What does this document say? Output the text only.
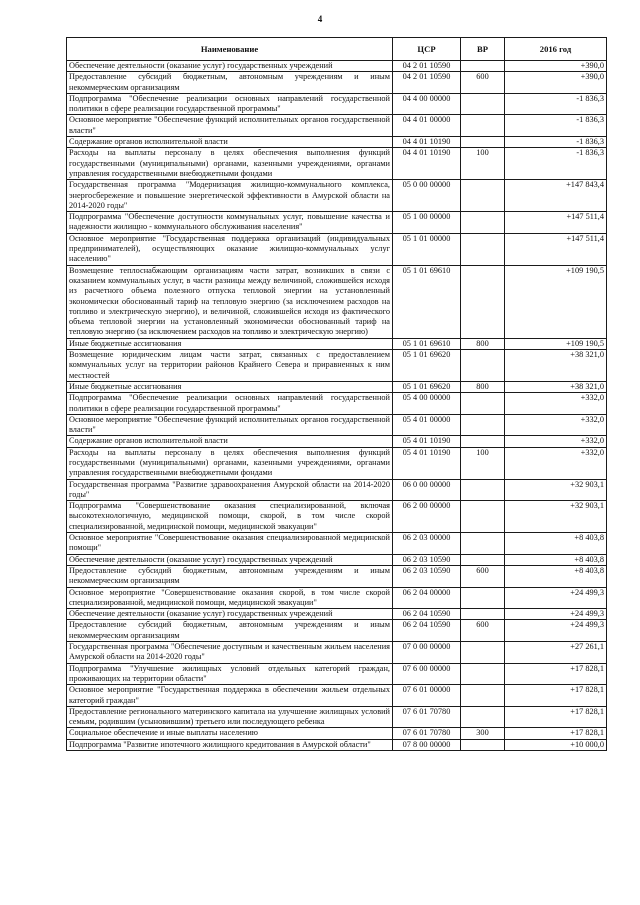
4
Наименование	ЦСР	ВР	2016 год
Обеспечение деятельности (оказание услуг) государственных учреждений	04 2 01 10590		+390,0
Предоставление субсидий бюджетным, автономным учреждениям и иным некоммерческим организациям	04 2 01 10590	600	+390,0
Подпрограмма "Обеспечение реализации основных направлений государственной политики в сфере реализации государственной программы"	04 4 00 00000		-1 836,3
Основное мероприятие "Обеспечение функций исполнительных органов государственной власти"	04 4 01 00000		-1 836,3
Содержание органов исполнительной власти	04 4 01 10190		-1 836,3
Расходы на выплаты персоналу в целях обеспечения выполнения функций государственными (муниципальными) органами, казенными учреждениями, органами управления государственными внебюджетными фондами	04 4 01 10190	100	-1 836,3
Государственная программа "Модернизация жилищно-коммунального комплекса, энергосбережение и повышение энергетической эффективности в Амурской области на 2014-2020 годы"	05 0 00 00000		+147 843,4
Подпрограмма "Обеспечение доступности коммунальных услуг, повышение качества и надежности жилищно - коммунального обслуживания населения"	05 1 00 00000		+147 511,4
Основное мероприятие "Государственная поддержка организаций (индивидуальных предпринимателей), осуществляющих оказание жилищно-коммунальных услуг населению"	05 1 01 00000		+147 511,4
Возмещение теплоснабжающим организациям части затрат, возникших в связи с оказанием коммунальных услуг, в части разницы между величиной, сложившейся исходя из расчетного объема полезного отпуска тепловой энергии на установленный экономически обоснованный тариф на тепловую энергию (за исключением расходов на топливо и электрическую энергию), и величиной, сложившейся исходя из фактического объема тепловой энергии на установленный экономически обоснованный тариф на тепловую энергию (за исключением расходов на топливо и электрическую энергию)	05 1 01 69610		+109 190,5
Иные бюджетные ассигнования	05 1 01 69610	800	+109 190,5
Возмещение юридическим лицам части затрат, связанных с предоставлением коммунальных услуг на территории районов Крайнего Севера и приравненных к ним местностей	05 1 01 69620		+38 321,0
Иные бюджетные ассигнования	05 1 01 69620	800	+38 321,0
Подпрограмма "Обеспечение реализации основных направлений государственной политики в сфере реализации государственной программы"	05 4 00 00000		+332,0
Основное мероприятие "Обеспечение функций исполнительных органов государственной власти"	05 4 01 00000		+332,0
Содержание органов исполнительной власти	05 4 01 10190		+332,0
Расходы на выплаты персоналу в целях обеспечения выполнения функций государственными (муниципальными) органами, казенными учреждениями, органами управления государственными внебюджетными фондами	05 4 01 10190	100	+332,0
Государственная программа "Развитие здравоохранения Амурской области на 2014-2020 годы"	06 0 00 00000		+32 903,1
Подпрограмма "Совершенствование оказания специализированной, включая высокотехнологичную, медицинской помощи, скорой, в том числе скорой специализированной, медицинской помощи, медицинской эвакуации"	06 2 00 00000		+32 903,1
Основное мероприятие "Совершенствование оказания специализированной медицинской помощи"	06 2 03 00000		+8 403,8
Обеспечение деятельности (оказание услуг) государственных учреждений	06 2 03 10590		+8 403,8
Предоставление субсидий бюджетным, автономным учреждениям и иным некоммерческим организациям	06 2 03 10590	600	+8 403,8
Основное мероприятие "Совершенствование оказания скорой, в том числе скорой специализированной, медицинской помощи, медицинской эвакуации"	06 2 04 00000		+24 499,3
Обеспечение деятельности (оказание услуг) государственных учреждений	06 2 04 10590		+24 499,3
Предоставление субсидий бюджетным, автономным учреждениям и иным некоммерческим организациям	06 2 04 10590	600	+24 499,3
Государственная программа "Обеспечение доступным и качественным жильем населения Амурской области на 2014-2020 годы"	07 0 00 00000		+27 261,1
Подпрограмма "Улучшение жилищных условий отдельных категорий граждан, проживающих на территории области"	07 6 00 00000		+17 828,1
Основное мероприятие "Государственная поддержка в обеспечении жильем отдельных категорий граждан"	07 6 01 00000		+17 828,1
Предоставление регионального материнского капитала на улучшение жилищных условий семьям, родившим (усыновившим) третьего или последующего ребенка	07 6 01 70780		+17 828,1
Социальное обеспечение и иные выплаты населению	07 6 01 70780	300	+17 828,1
Подпрограмма "Развитие ипотечного жилищного кредитования в Амурской области"	07 8 00 00000		+10 000,0
